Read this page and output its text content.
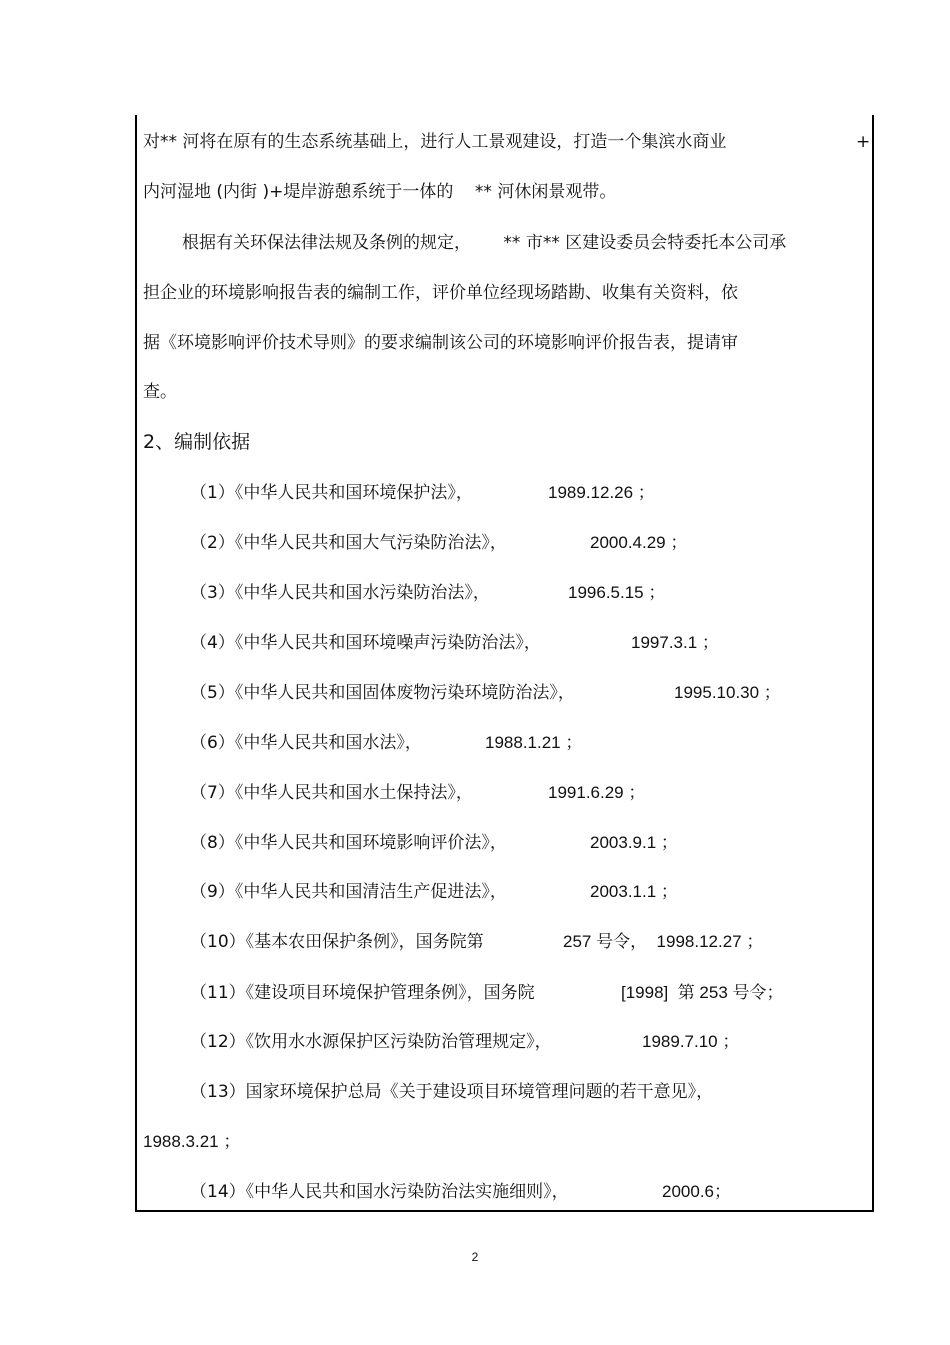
对** 河将在原有的生态系统基础上，进行人工景观建设，打造一个集滨水商业	+
内河湿地 (内街 )+堤岸游憩系统于一体的    ** 河休闲景观带。
根据有关环保法律法规及条例的规定，      ** 市** 区建设委员会特委托本公司承
担企业的环境影响报告表的编制工作，评价单位经现场踏勘、收集有关资料，依
据《环境影响评价技术导则》的要求编制该公司的环境影响评价报告表，提请审
查。
2、编制依据
（1）《中华人民共和国环境保护法》，	1989.12.26 ；
（2）《中华人民共和国大气污染防治法》，	2000.4.29 ；
（3）《中华人民共和国水污染防治法》，	1996.5.15 ；
（4）《中华人民共和国环境噪声污染防治法》，	1997.3.1 ；
（5）《中华人民共和国固体废物污染环境防治法》，	1995.10.30 ；
（6）《中华人民共和国水法》，	1988.1.21 ；
（7）《中华人民共和国水土保持法》，	1991.6.29 ；
（8）《中华人民共和国环境影响评价法》，	2003.9.1 ；
（9）《中华人民共和国清洁生产促进法》，	2003.1.1 ；
（10）《基本农田保护条例》，国务院第	257 号令，  1998.12.27 ；
（11）《建设项目环境保护管理条例》，国务院	[1998]  第 253 号令；
（12）《饮用水水源保护区污染防治管理规定》，	1989.7.10 ；
（13）国家环境保护总局《关于建设项目环境管理问题的若干意见》，
1988.3.21 ；
（14）《中华人民共和国水污染防治法实施细则》，	2000.6；
2
